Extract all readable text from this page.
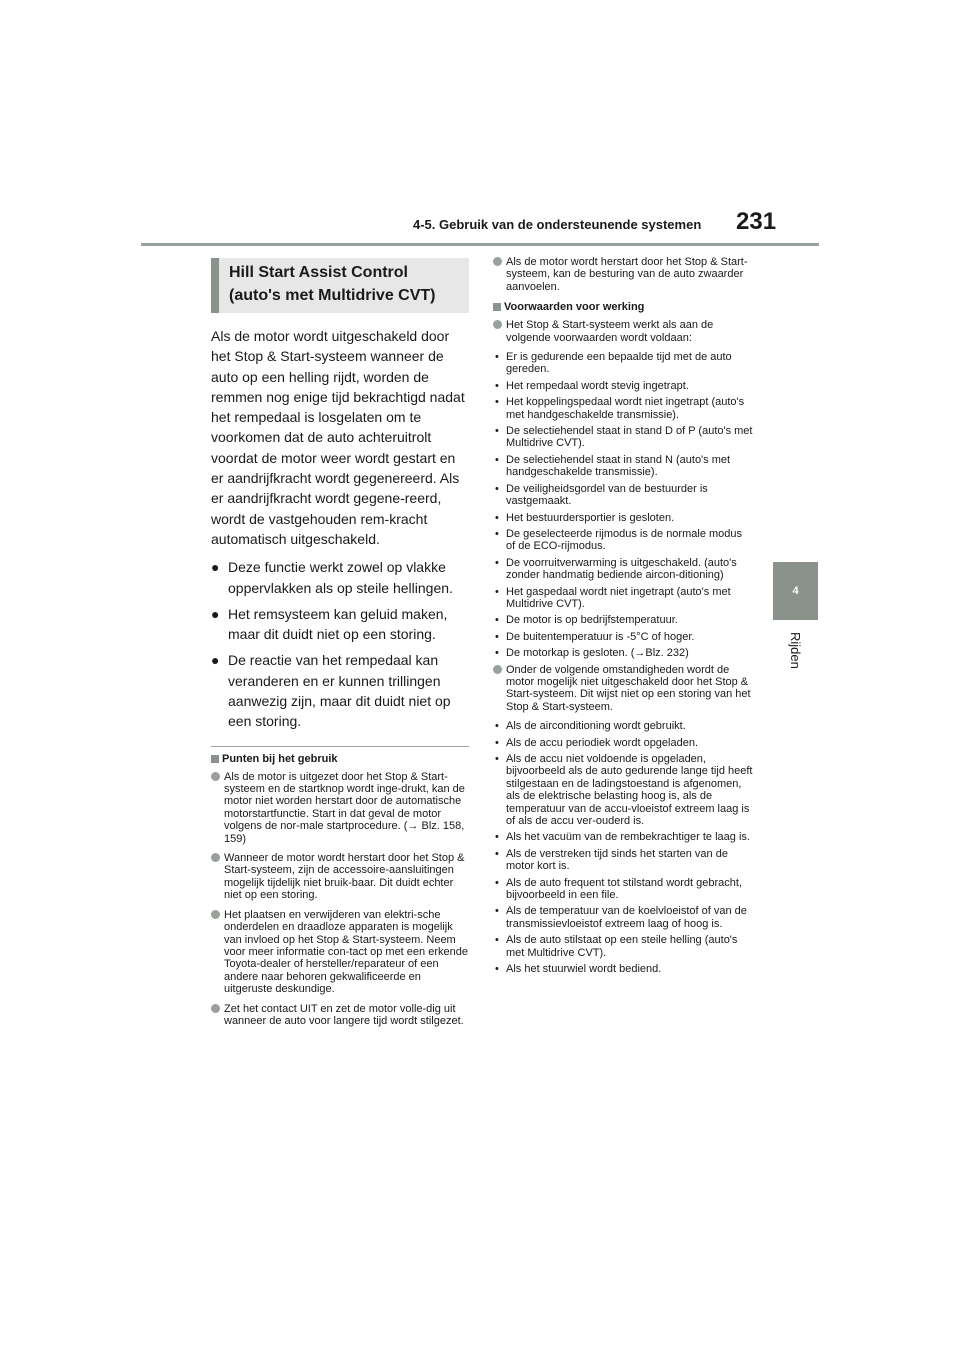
4-5. Gebruik van de ondersteunende systemen 231
4
Rijden
Hill Start Assist Control (auto's met Multidrive CVT)
Als de motor wordt uitgeschakeld door het Stop & Start-systeem wanneer de auto op een helling rijdt, worden de remmen nog enige tijd bekrachtigd nadat het rempedaal is losgelaten om te voorkomen dat de auto achteruitrolt voordat de motor weer wordt gestart en er aandrijfkracht wordt gegenereerd. Als er aandrijfkracht wordt gegene-reerd, wordt de vastgehouden rem-kracht automatisch uitgeschakeld.
● Deze functie werkt zowel op vlakke oppervlakken als op steile hellingen.
● Het remsysteem kan geluid maken, maar dit duidt niet op een storing.
● De reactie van het rempedaal kan veranderen en er kunnen trillingen aanwezig zijn, maar dit duidt niet op een storing.
Punten bij het gebruik
Als de motor is uitgezet door het Stop & Start-systeem en de startknop wordt inge-drukt, kan de motor niet worden herstart door de automatische motorstartfunctie. Start in dat geval de motor volgens de nor-male startprocedure. (→ Blz. 158, 159)
Wanneer de motor wordt herstart door het Stop & Start-systeem, zijn de accessoire-aansluitingen mogelijk tijdelijk niet bruik-baar. Dit duidt echter niet op een storing.
Het plaatsen en verwijderen van elektri-sche onderdelen en draadloze apparaten is mogelijk van invloed op het Stop & Start-systeem. Neem voor meer informatie con-tact op met een erkende Toyota-dealer of hersteller/reparateur of een andere naar behoren gekwalificeerde en uitgeruste deskundige.
Zet het contact UIT en zet de motor volle-dig uit wanneer de auto voor langere tijd wordt stilgezet.
Als de motor wordt herstart door het Stop & Start-systeem, kan de besturing van de auto zwaarder aanvoelen.
Voorwaarden voor werking
Het Stop & Start-systeem werkt als aan de volgende voorwaarden wordt voldaan:
• Er is gedurende een bepaalde tijd met de auto gereden.
• Het rempedaal wordt stevig ingetrapt.
• Het koppelingspedaal wordt niet ingetrapt (auto's met handgeschakelde transmissie).
• De selectiehendel staat in stand D of P (auto's met Multidrive CVT).
• De selectiehendel staat in stand N (auto's met handgeschakelde transmissie).
• De veiligheidsgordel van de bestuurder is vastgemaakt.
• Het bestuurdersportier is gesloten.
• De geselecteerde rijmodus is de normale modus of de ECO-rijmodus.
• De voorruitverwarming is uitgeschakeld. (auto's zonder handmatig bediende aircon-ditioning)
• Het gaspedaal wordt niet ingetrapt (auto's met Multidrive CVT).
• De motor is op bedrijfstemperatuur.
• De buitentemperatuur is -5°C of hoger.
• De motorkap is gesloten. (→Blz. 232)
Onder de volgende omstandigheden wordt de motor mogelijk niet uitgeschakeld door het Stop & Start-systeem. Dit wijst niet op een storing van het Stop & Start-systeem.
• Als de airconditioning wordt gebruikt.
• Als de accu periodiek wordt opgeladen.
• Als de accu niet voldoende is opgeladen, bijvoorbeeld als de auto gedurende lange tijd heeft stilgestaan en de ladingstoestand is afgenomen, als de elektrische belasting hoog is, als de temperatuur van de accu-vloeistof extreem laag is of als de accu ver-ouderd is.
• Als het vacuüm van de rembekrachtiger te laag is.
• Als de verstreken tijd sinds het starten van de motor kort is.
• Als de auto frequent tot stilstand wordt gebracht, bijvoorbeeld in een file.
• Als de temperatuur van de koelvloeistof of van de transmissievloeistof extreem laag of hoog is.
• Als de auto stilstaat op een steile helling (auto's met Multidrive CVT).
• Als het stuurwiel wordt bediend.
